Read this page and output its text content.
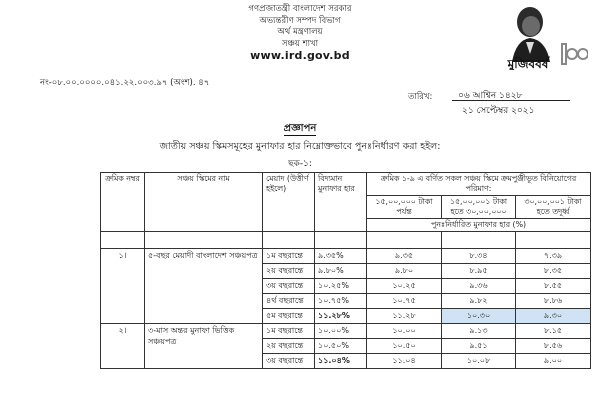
গণপ্রজাতন্ত্রী বাংলাদেশ সরকার
অভ্যন্তরীণ সম্পদ বিভাগ
অর্থ মন্ত্রণালয়
সঞ্চয় শাখা
www.ird.gov.bd
মুজিববর্ষ
নং-০৮.০০.০০০০.০৪১.২২.০০৩.৯৭ (অংশ). ৪৭
তারিখ:	০৬ আশ্বিন ১৪২৮
২১ সেপ্টেম্বর ২০২১
প্রজ্ঞাপন
জাতীয় সঞ্চয় স্কিমসমূহের মুনাফার হার নিম্নোক্তভাবে পুনঃনির্ধারণ করা হইল:
ছক-১:
ক্রমিক নম্বর	সঞ্চয় স্কিমের নাম	মেয়াদ (উত্তীর্ণ হইলে)	বিদ্যমান মুনাফার হার	ক্রমিক ১-৯ এ বর্ণিত সকল সঞ্চয় স্কিমে ক্রমপুঞ্জীভূত বিনিয়োগের পরিমাণ:		
				১৫,০০,০০০ টাকা পর্যন্ত	১৫,০০,০০১ টাকা হতে ৩০,০০,০০০	৩০,০০,০০১ টাকা হতে তদূর্ধ্ব
				পুনঃনির্ধারিত মুনাফার হার (%)		

১।	৫-বছর মেয়াদী বাংলাদেশ সঞ্চয়পত্র	১ম বছরান্তে	৯.৩৫%	৯.৩৫	৮.৩৪	৭.৩৯
		২য় বছরান্তে	৯.৮০%	৯.৮০	৮.৯৫	৮.৩৫
		৩য় বছরান্তে	১০.২৫%	১০.২৫	৯.৩৬	৮.৫৫
		৪র্থ বছরান্তে	১০.৭৫%	১০.৭৫	৯.৮২	৮.৮৬
		৫ম বছরান্তে	১১.২৮%	১১.২৮	১০.৩০	৯.৩০
২।	৩-মাস অন্তর মুনাফা ভিত্তিক সঞ্চয়পত্র	১ম বছরান্তে	১০.০০%	১০.০০	৯.১৩	৮.১৫
		২য় বছরান্তে	১০.৫০%	১০.৫০	৯.৫১	৮.৫৬
		৩য় বছরান্তে	১১.০৪%	১১.০৪	১০.০৮	৯.০০
